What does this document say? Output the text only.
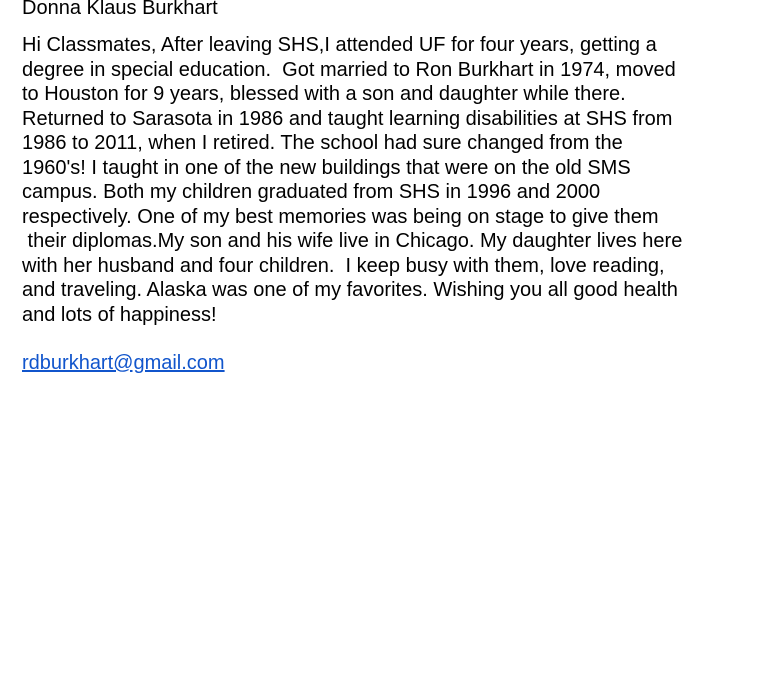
Donna Klaus Burkhart
Hi Classmates, After leaving SHS,I attended UF for four years, getting a
degree in special education.  Got married to Ron Burkhart in 1974, moved
to Houston for 9 years, blessed with a son and daughter while there.
Returned to Sarasota in 1986 and taught learning disabilities at SHS from
1986 to 2011, when I retired. The school had sure changed from the
1960's! I taught in one of the new buildings that were on the old SMS
campus. Both my children graduated from SHS in 1996 and 2000
respectively. One of my best memories was being on stage to give them
their diplomas.My son and his wife live in Chicago. My daughter lives here
with her husband and four children.  I keep busy with them, love reading,
and traveling. Alaska was one of my favorites. Wishing you all good health
and lots of happiness!
rdburkhart@gmail.com
